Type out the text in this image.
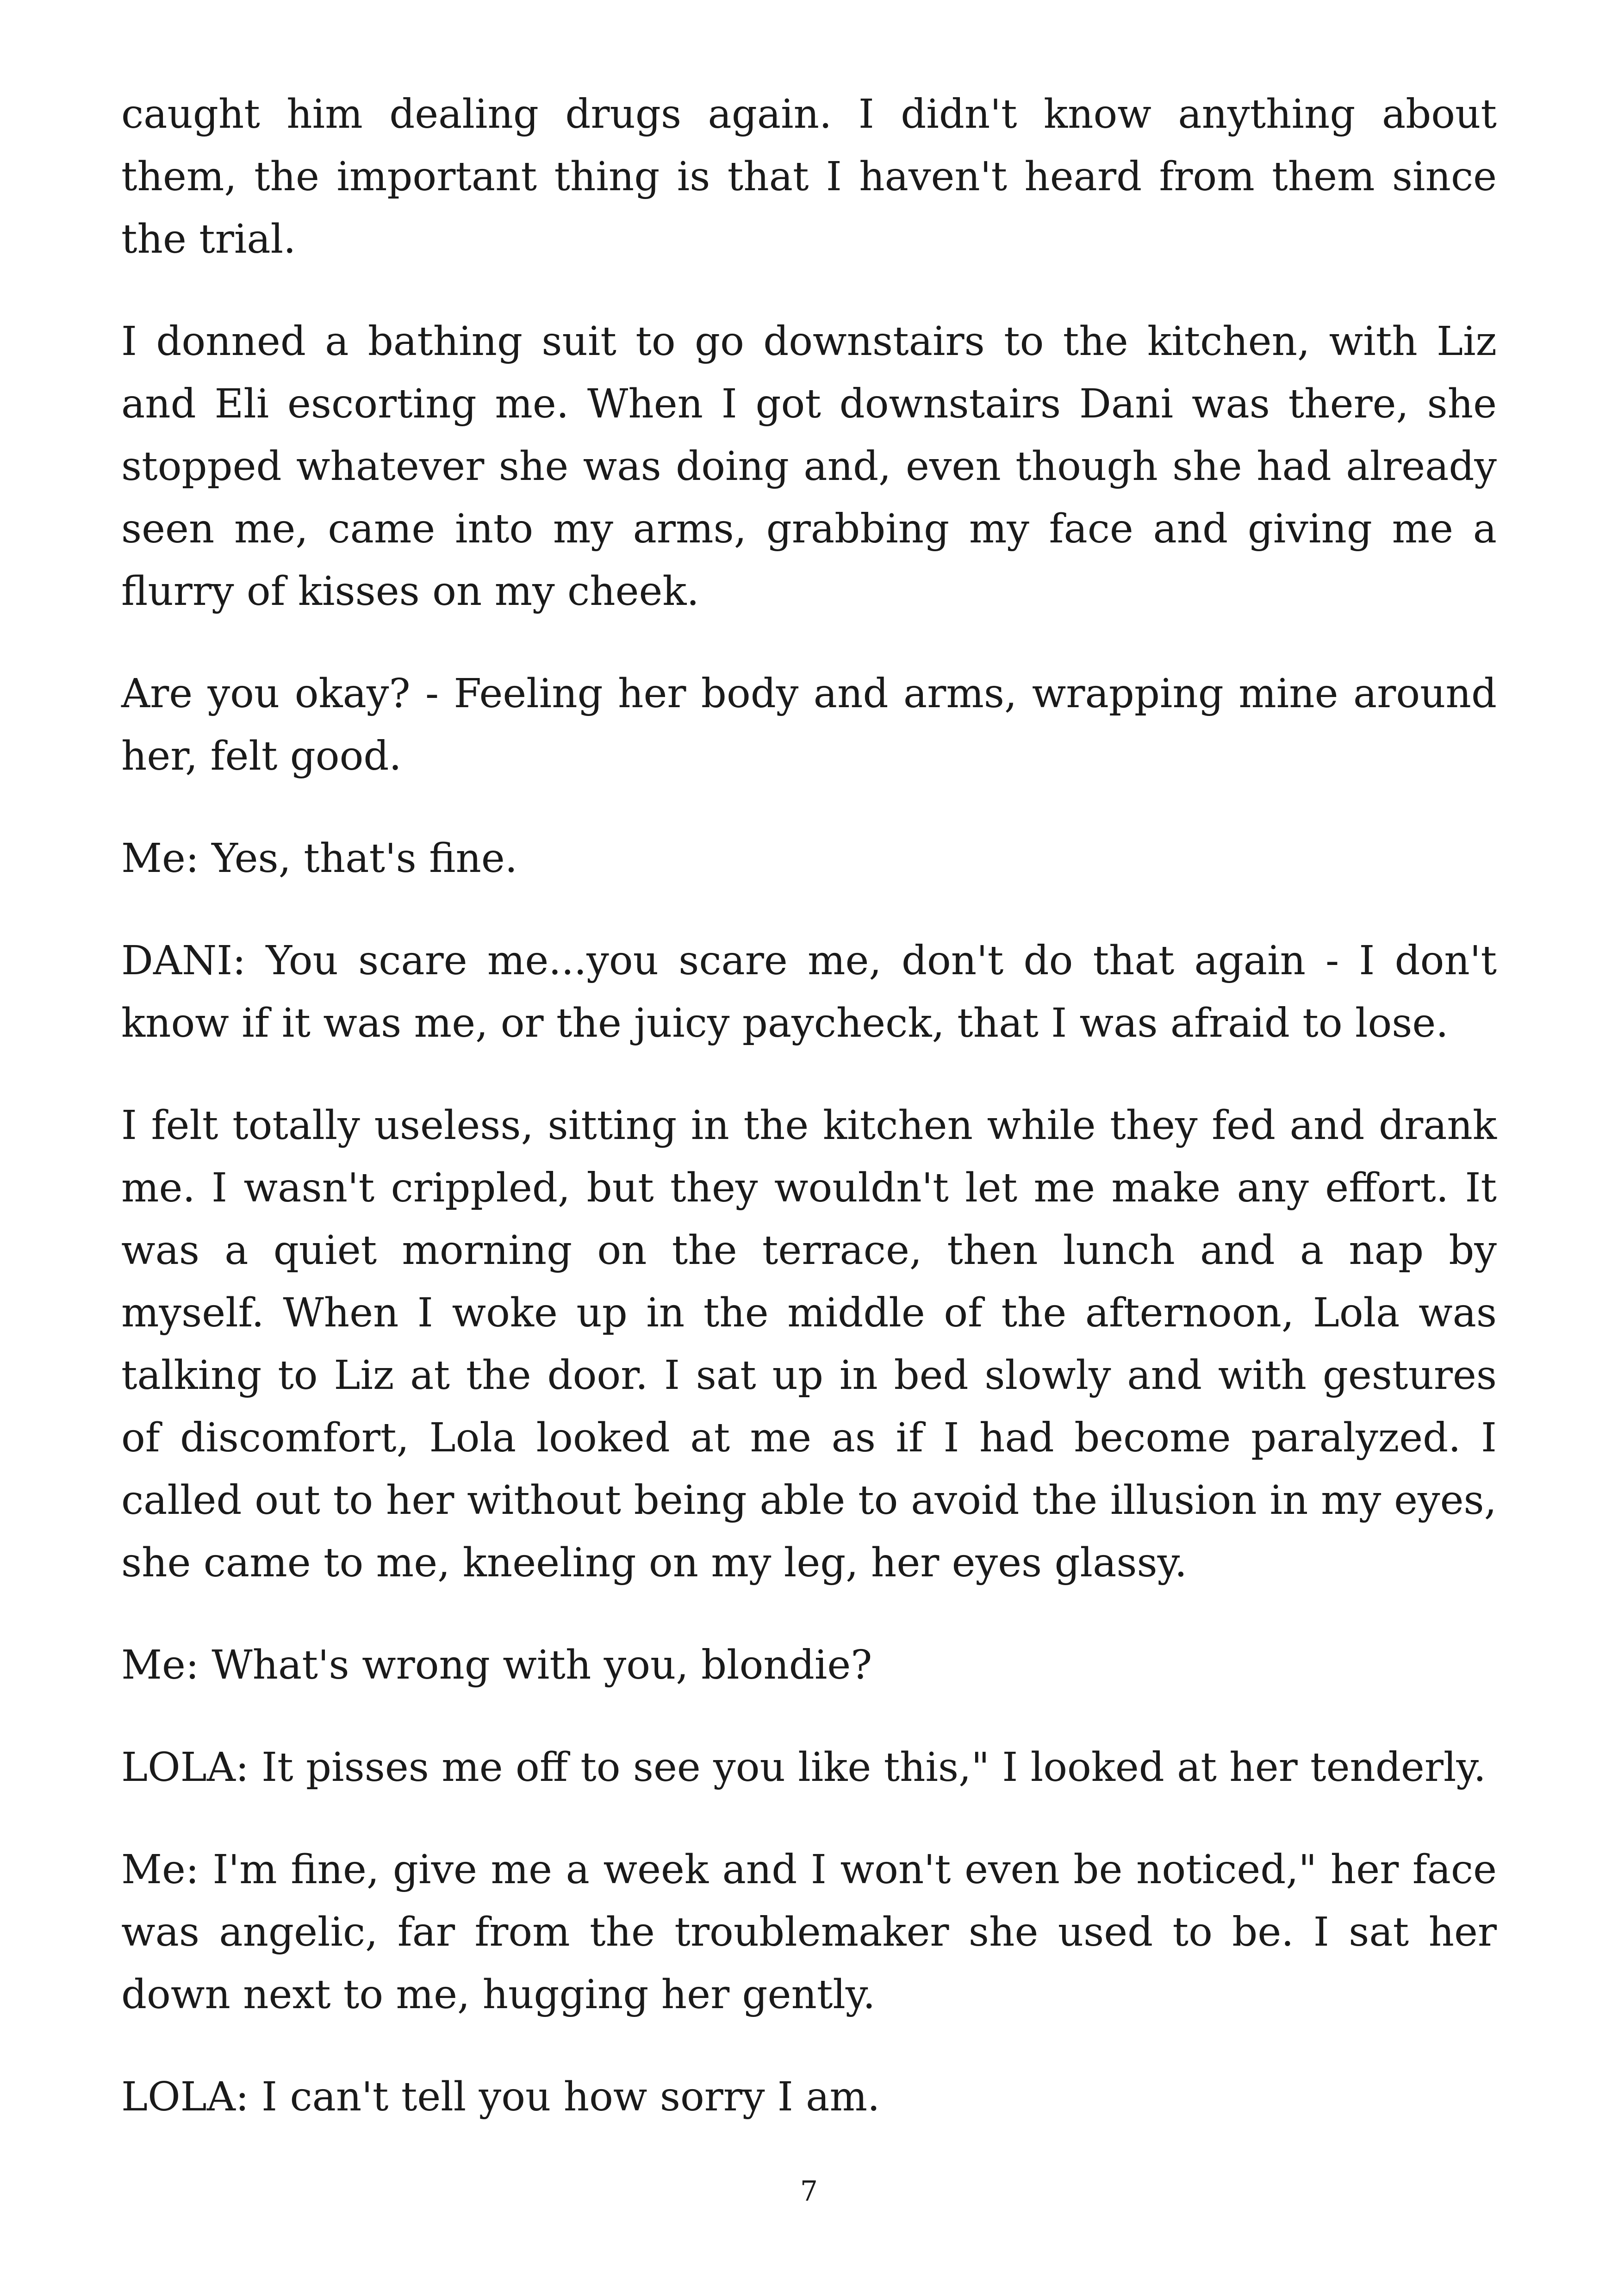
caught him dealing drugs again. I didn't know anything about them, the important thing is that I haven't heard from them since the trial.

I donned a bathing suit to go downstairs to the kitchen, with Liz and Eli escorting me. When I got downstairs Dani was there, she stopped whatever she was doing and, even though she had already seen me, came into my arms, grabbing my face and giving me a flurry of kisses on my cheek.

Are you okay? - Feeling her body and arms, wrapping mine around her, felt good.

Me: Yes, that's fine.

DANI: You scare me...you scare me, don't do that again - I don't know if it was me, or the juicy paycheck, that I was afraid to lose.

I felt totally useless, sitting in the kitchen while they fed and drank me. I wasn't crippled, but they wouldn't let me make any effort. It was a quiet morning on the terrace, then lunch and a nap by myself. When I woke up in the middle of the afternoon, Lola was talking to Liz at the door. I sat up in bed slowly and with gestures of discomfort, Lola looked at me as if I had become paralyzed. I called out to her without being able to avoid the illusion in my eyes, she came to me, kneeling on my leg, her eyes glassy.

Me: What's wrong with you, blondie?

LOLA: It pisses me off to see you like this," I looked at her tenderly.

Me: I'm fine, give me a week and I won't even be noticed," her face was angelic, far from the troublemaker she used to be. I sat her down next to me, hugging her gently.

LOLA: I can't tell you how sorry I am.

7
